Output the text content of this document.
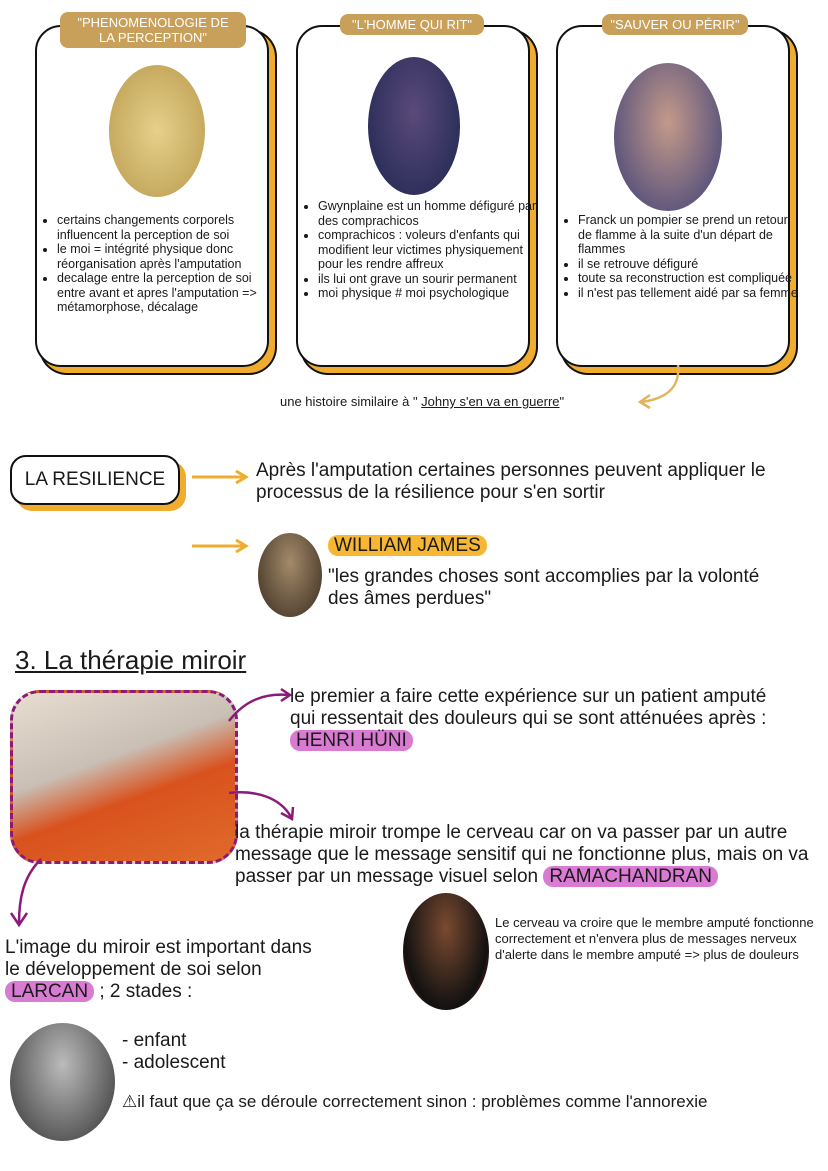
• certains changements corporels influencent la perception de soi
• le moi = intégrité physique donc réorganisation après l'amputation
• decalage entre la perception de soi entre avant et apres l'amputation => métamorphose, décalage
"PHENOMENOLOGIE DE LA PERCEPTION"
• Gwynplaine est un homme défiguré par des comprachicos
• comprachicos : voleurs d'enfants qui modifient leur victimes physiquement pour les rendre affreux
• ils lui ont grave un sourir permanent
• moi physique # moi psychologique
"L'HOMME QUI RIT"
• Franck un pompier se prend un retour de flamme à la suite d'un départ de flammes
• il se retrouve défiguré
• toute sa reconstruction est compliquée
• il n'est pas tellement aidé par sa femme
"SAUVER OU PÉRIR"
une histoire similaire à " Johny s'en va en guerre"
LA RESILIENCE	Après l'amputation certaines personnes peuvent appliquer le processus de la résilience pour s'en sortir
WILLIAM JAMES
"les grandes choses sont accomplies par la volonté des âmes perdues"
3. La thérapie miroir
le premier a faire cette expérience sur un patient amputé qui ressentait des douleurs qui se sont atténuées après : HENRI HÜNI
la thérapie miroir trompe le cerveau car on va passer par un autre message que le message sensitif qui ne fonctionne plus, mais on va passer par un message visuel selon RAMACHANDRAN
Le cerveau va croire que le membre amputé fonctionne correctement et n'envera plus de messages nerveux d'alerte dans le membre amputé => plus de douleurs
L'image du miroir est important dans le développement de soi selon LARCAN ; 2 stades :
- enfant
- adolescent
⚠il faut que ça se déroule correctement sinon : problèmes comme l'annorexie
